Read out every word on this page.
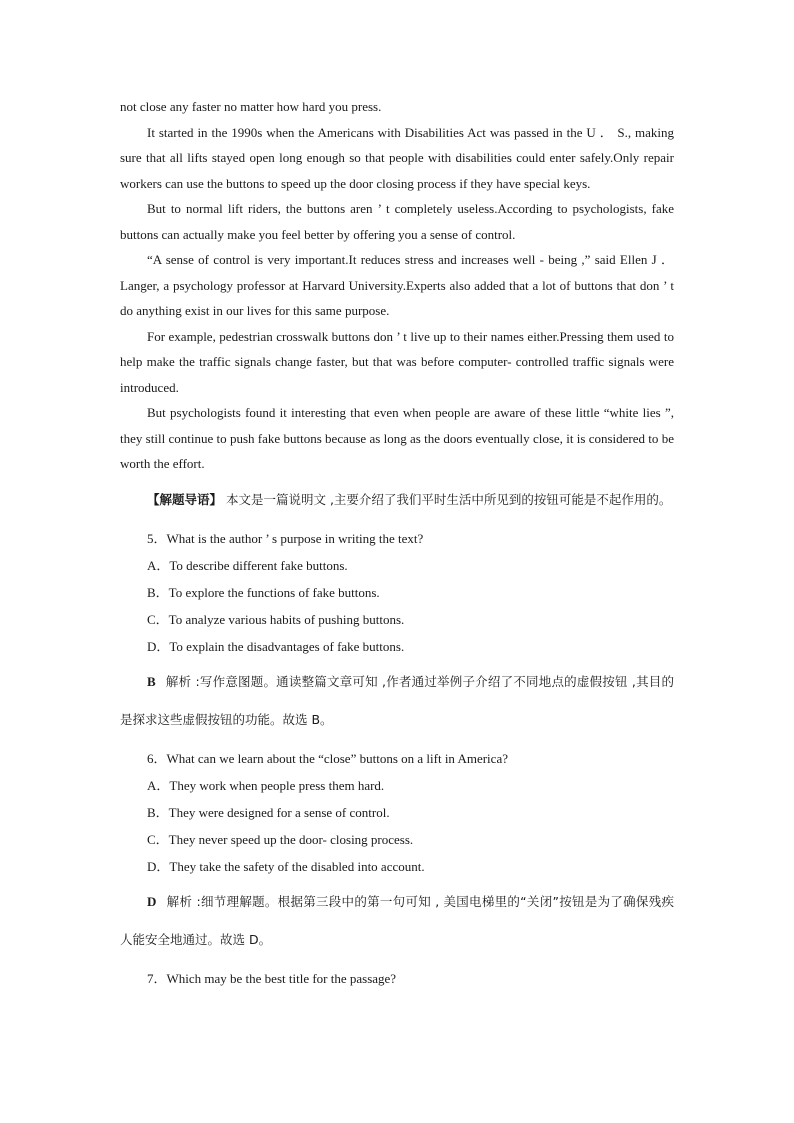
not close any faster no matter how hard you press.

It started in the 1990s when the Americans with Disabilities Act was passed in the U ． S., making sure that all lifts stayed open long enough so that people with disabilities could enter safely.Only repair workers can use the buttons to speed up the door closing process if they have special keys.

But to normal lift riders, the buttons aren ’ t completely useless.According to psychologists, fake buttons can actually make you feel better by offering you a sense of control.

“A sense of control is very important.It reduces stress and increases well - being ,” said Ellen J ． Langer, a psychology professor at Harvard University.Experts also added that a lot of buttons that don ’ t do anything exist in our lives for this same purpose.

For example, pedestrian crosswalk buttons don ’ t live up to their names either.Pressing them used to help make the traffic signals change faster, but that was before computer- controlled traffic signals were introduced.

But psychologists found it interesting that even when people are aware of these little “white lies ”, they still continue to push fake buttons because as long as the doors eventually close, it is considered to be worth the effort.

【解题导语】 本文是一篇说明文 ,主要介绍了我们平时生活中所见到的按钮可能是不起作用的。

5．What is the author ’ s purpose in writing the text?
A．To describe different fake buttons.
B．To explore the functions of fake buttons.
C．To analyze various habits of pushing buttons.
D．To explain the disadvantages of fake buttons.

B 解析 :写作意图题。通读整篇文章可知 ,作者通过举例子介绍了不同地点的虚假按钮 ,其目的是探求这些虚假按钮的功能。故选 B。

6．What can we learn about the “close” buttons on a lift in America?
A．They work when people press them hard.
B．They were designed for a sense of control.
C．They never speed up the door- closing process.
D．They take the safety of the disabled into account.

D 解析 :细节理解题。根据第三段中的第一句可知 , 美国电梯里的“关闭”按钮是为了确保残疾人能安全地通过。故选 D。

7．Which may be the best title for the passage?
